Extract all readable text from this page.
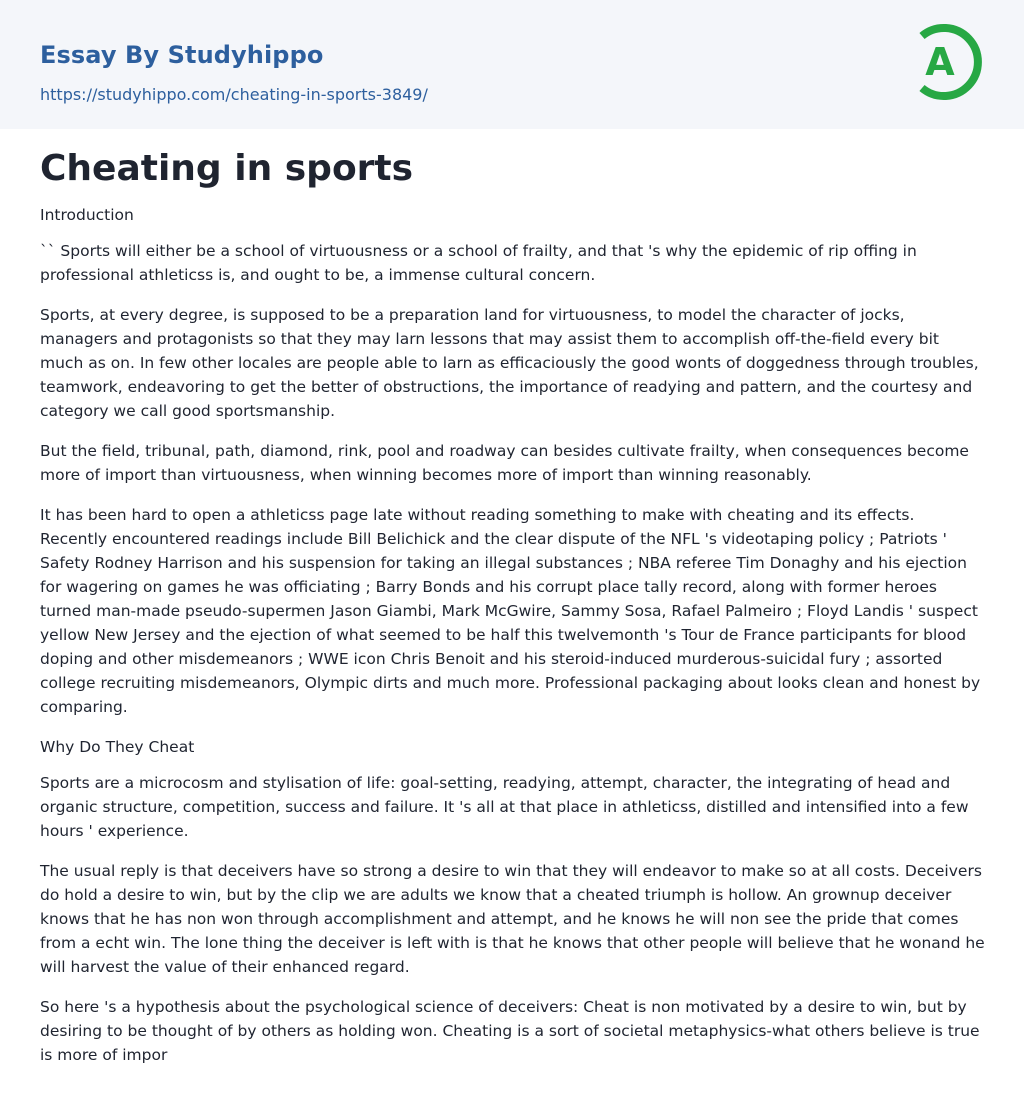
Essay By Studyhippo
https://studyhippo.com/cheating-in-sports-3849/
A
Cheating in sports
Introduction

`` Sports will either be a school of virtuousness or a school of frailty, and that 's why the epidemic of rip offing in professional athleticss is, and ought to be, a immense cultural concern.

Sports, at every degree, is supposed to be a preparation land for virtuousness, to model the character of jocks, managers and protagonists so that they may larn lessons that may assist them to accomplish off-the-field every bit much as on. In few other locales are people able to larn as efficaciously the good wonts of doggedness through troubles, teamwork, endeavoring to get the better of obstructions, the importance of readying and pattern, and the courtesy and category we call good sportsmanship.

But the field, tribunal, path, diamond, rink, pool and roadway can besides cultivate frailty, when consequences become more of import than virtuousness, when winning becomes more of import than winning reasonably.

It has been hard to open a athleticss page late without reading something to make with cheating and its effects. Recently encountered readings include Bill Belichick and the clear dispute of the NFL 's videotaping policy ; Patriots ' Safety Rodney Harrison and his suspension for taking an illegal substances ; NBA referee Tim Donaghy and his ejection for wagering on games he was officiating ; Barry Bonds and his corrupt place tally record, along with former heroes turned man-made pseudo-supermen Jason Giambi, Mark McGwire, Sammy Sosa, Rafael Palmeiro ; Floyd Landis ' suspect yellow New Jersey and the ejection of what seemed to be half this twelvemonth 's Tour de France participants for blood doping and other misdemeanors ; WWE icon Chris Benoit and his steroid-induced murderous-suicidal fury ; assorted college recruiting misdemeanors, Olympic dirts and much more. Professional packaging about looks clean and honest by comparing.

Why Do They Cheat

Sports are a microcosm and stylisation of life: goal-setting, readying, attempt, character, the integrating of head and organic structure, competition, success and failure. It 's all at that place in athleticss, distilled and intensified into a few hours ' experience.

The usual reply is that deceivers have so strong a desire to win that they will endeavor to make so at all costs. Deceivers do hold a desire to win, but by the clip we are adults we know that a cheated triumph is hollow. An grownup deceiver knows that he has non won through accomplishment and attempt, and he knows he will non see the pride that comes from a echt win. The lone thing the deceiver is left with is that he knows that other people will believe that he wonand he will harvest the value of their enhanced regard.

So here 's a hypothesis about the psychological science of deceivers: Cheat is non motivated by a desire to win, but by desiring to be thought of by others as holding won. Cheating is a sort of societal metaphysics-what others believe is true is more of impor
